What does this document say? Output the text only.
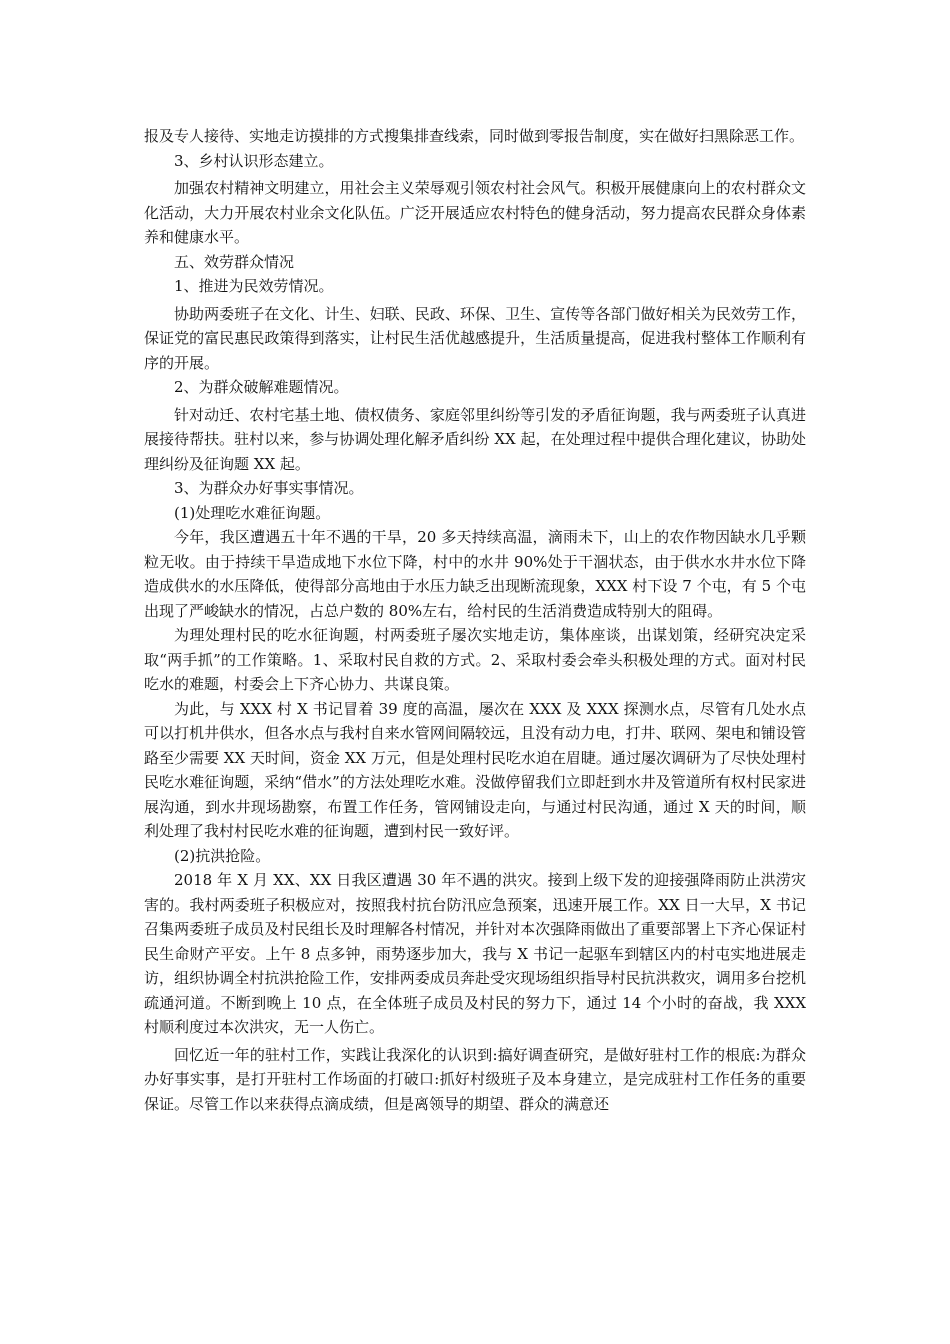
报及专人接待、实地走访摸排的方式搜集排查线索，同时做到零报告制度，实在做好扫黑除恶工作。

3、乡村认识形态建立。

加强农村精神文明建立，用社会主义荣辱观引领农村社会风气。积极开展健康向上的农村群众文化活动，大力开展农村业余文化队伍。广泛开展适应农村特色的健身活动，努力提高农民群众身体素养和健康水平。

五、效劳群众情况

1、推进为民效劳情况。

协助两委班子在文化、计生、妇联、民政、环保、卫生、宣传等各部门做好相关为民效劳工作，保证党的富民惠民政策得到落实，让村民生活优越感提升，生活质量提高，促进我村整体工作顺利有序的开展。

2、为群众破解难题情况。

针对动迁、农村宅基土地、债权债务、家庭邻里纠纷等引发的矛盾征询题，我与两委班子认真进展接待帮扶。驻村以来，参与协调处理化解矛盾纠纷 XX 起，在处理过程中提供合理化建议，协助处理纠纷及征询题 XX 起。

3、为群众办好事实事情况。

(1)处理吃水难征询题。

今年，我区遭遇五十年不遇的干旱，20 多天持续高温，滴雨未下，山上的农作物因缺水几乎颗粒无收。由于持续干旱造成地下水位下降，村中的水井 90%处于干涸状态，由于供水水井水位下降造成供水的水压降低，使得部分高地由于水压力缺乏出现断流现象，XXX 村下设 7 个屯，有 5 个屯出现了严峻缺水的情况，占总户数的 80%左右，给村民的生活消费造成特别大的阻碍。

为理处理村民的吃水征询题，村两委班子屡次实地走访，集体座谈，出谋划策，经研究决定采取“两手抓”的工作策略。1、采取村民自救的方式。2、采取村委会牵头积极处理的方式。面对村民吃水的难题，村委会上下齐心协力、共谋良策。

为此，与 XXX 村 X 书记冒着 39 度的高温，屡次在 XXX 及 XXX 探测水点，尽管有几处水点可以打机井供水，但各水点与我村自来水管网间隔较远，且没有动力电，打井、联网、架电和铺设管路至少需要 XX 天时间，资金 XX 万元，但是处理村民吃水迫在眉睫。通过屡次调研为了尽快处理村民吃水难征询题，采纳“借水”的方法处理吃水难。没做停留我们立即赶到水井及管道所有权村民家进展沟通，到水井现场勘察，布置工作任务，管网铺设走向，与通过村民沟通，通过 X 天的时间，顺利处理了我村村民吃水难的征询题，遭到村民一致好评。

(2)抗洪抢险。

2018 年 X 月 XX、XX 日我区遭遇 30 年不遇的洪灾。接到上级下发的迎接强降雨防止洪涝灾害的。我村两委班子积极应对，按照我村抗台防汛应急预案，迅速开展工作。XX 日一大早，X 书记召集两委班子成员及村民组长及时理解各村情况，并针对本次强降雨做出了重要部署上下齐心保证村民生命财产平安。上午 8 点多钟，雨势逐步加大，我与 X 书记一起驱车到辖区内的村屯实地进展走访，组织协调全村抗洪抢险工作，安排两委成员奔赴受灾现场组织指导村民抗洪救灾，调用多台挖机疏通河道。不断到晚上 10 点，在全体班子成员及村民的努力下，通过 14 个小时的奋战，我 XXX 村顺利度过本次洪灾，无一人伤亡。

回忆近一年的驻村工作，实践让我深化的认识到:搞好调查研究，是做好驻村工作的根底:为群众办好事实事，是打开驻村工作场面的打破口:抓好村级班子及本身建立，是完成驻村工作任务的重要保证。尽管工作以来获得点滴成绩，但是离领导的期望、群众的满意还
